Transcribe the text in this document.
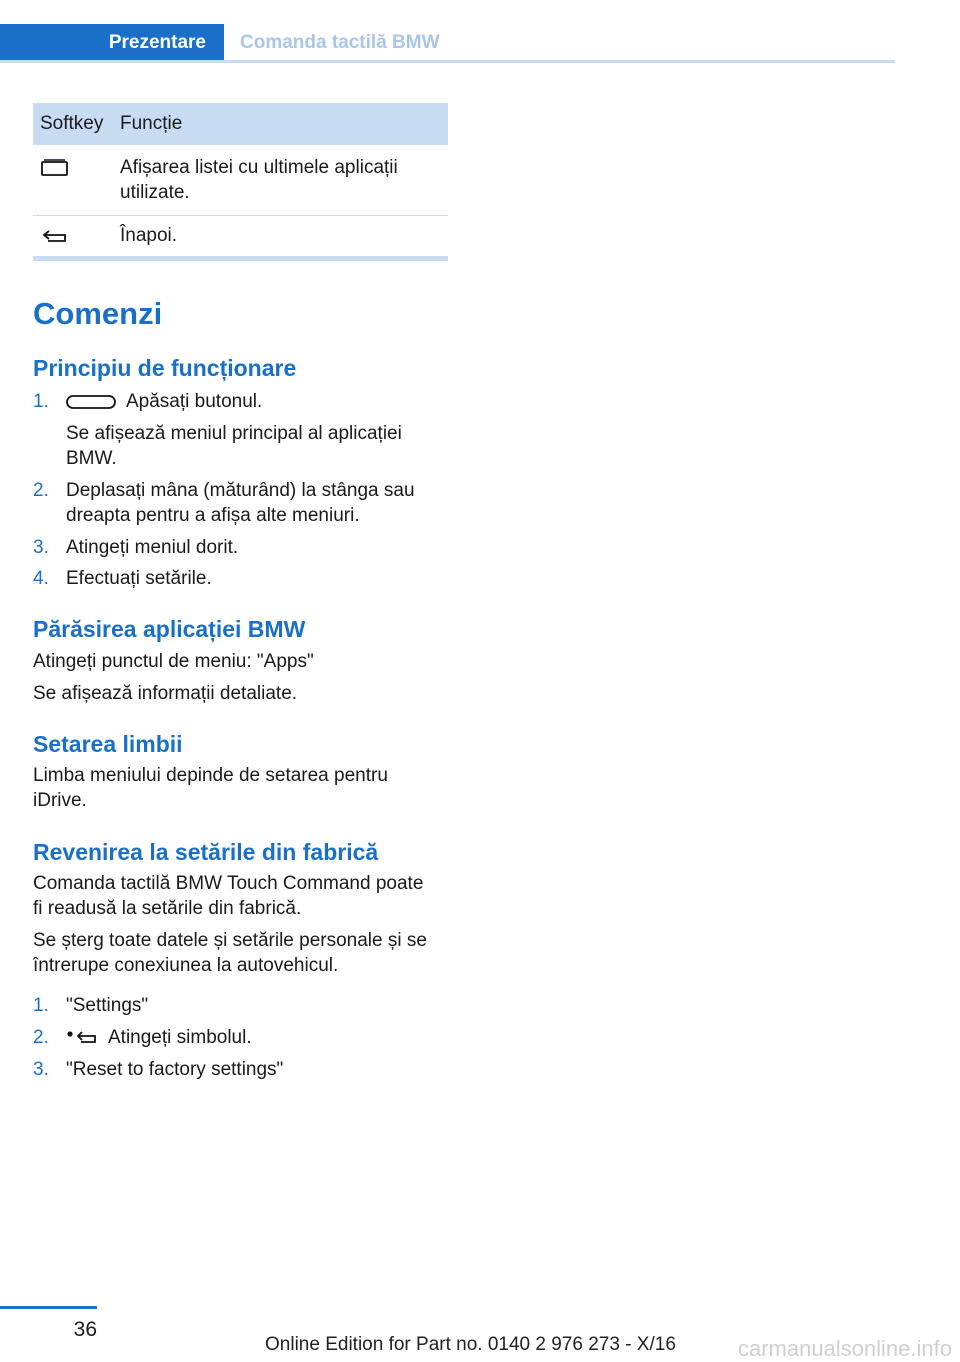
Prezentare	Comanda tactilă BMW
Softkey Funcție
Afișarea listei cu ultimele aplicații
utilizate.
Înapoi.
Comenzi
Principiu de funcționare
1.	Apăsați butonul.
Se afișează meniul principal al aplicației
BMW.
2. Deplasați mâna (măturând) la stânga sau
dreapta pentru a afișa alte meniuri.
3. Atingeți meniul dorit.
4. Efectuați setările.
Părăsirea aplicației BMW
Atingeți punctul de meniu: "Apps"
Se afișează informații detaliate.
Setarea limbii
Limba meniului depinde de setarea pentru
iDrive.
Revenirea la setările din fabrică
Comanda tactilă BMW Touch Command poate
fi readusă la setările din fabrică.
Se șterg toate datele și setările personale și se
întrerupe conexiunea la autovehicul.
1. "Settings"
2.	Atingeți simbolul.
3. "Reset to factory settings"
36
Online Edition for Part no. 0140 2 976 273 - X/16	carmanualsonline.info
